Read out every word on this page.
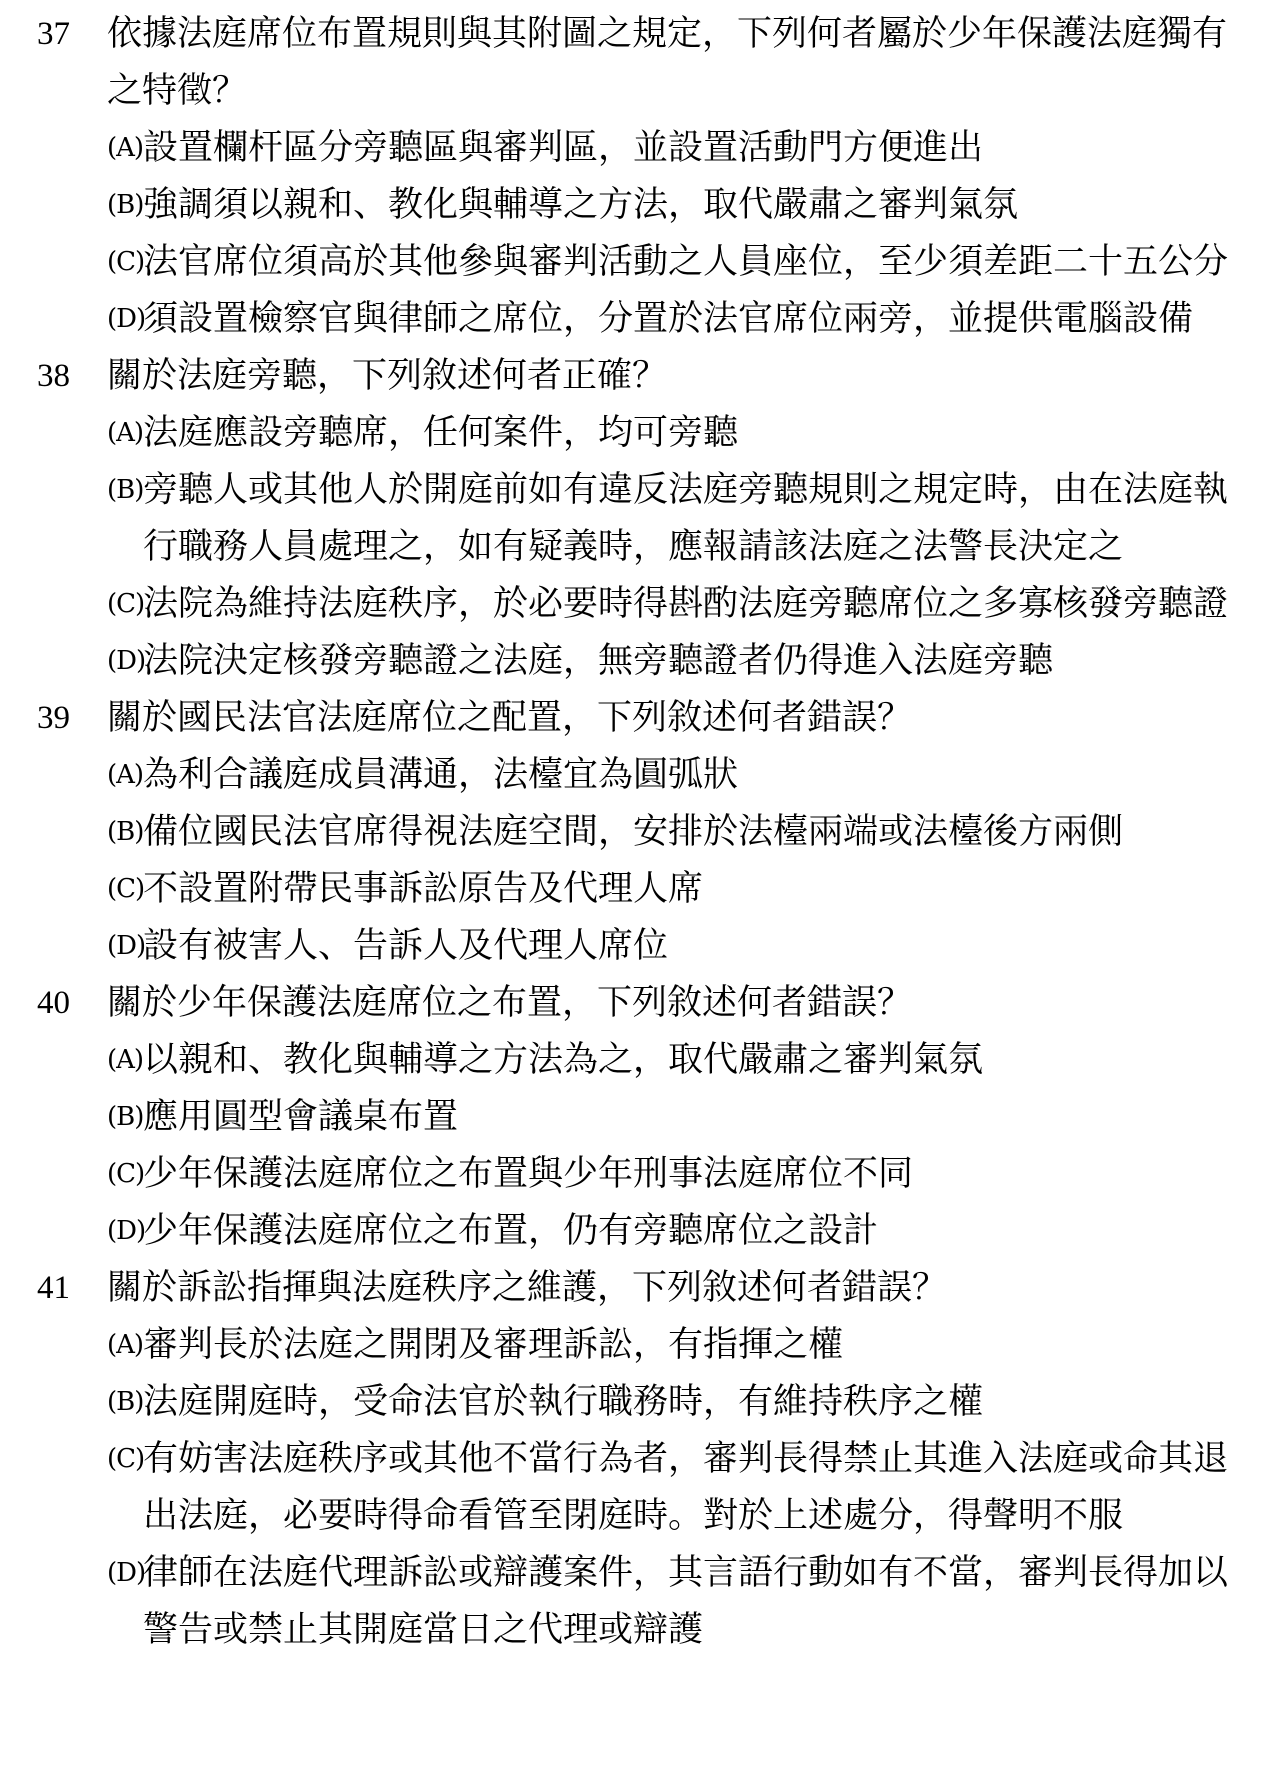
37	依據法庭席位布置規則與其附圖之規定，下列何者屬於少年保護法庭獨有
之特徵？
(A) 設置欄杆區分旁聽區與審判區，並設置活動門方便進出
(B) 強調須以親和、教化與輔導之方法，取代嚴肅之審判氣氛
(C)
法官席位須高於其他參與審判活動之人員座位，至少須差距二十五公分
(D)
須設置檢察官與律師之席位，分置於法官席位兩旁，並提供電腦設備
38	關於法庭旁聽，下列敘述何者正確？
(A) 法庭應設旁聽席，任何案件，均可旁聽
(B) 旁聽人或其他人於開庭前如有違反法庭旁聽規則之規定時，由在法庭執
行職務人員處理之，如有疑義時，應報請該法庭之法警長決定之
(C)
法院為維持法庭秩序，於必要時得斟酌法庭旁聽席位之多寡核發旁聽證
(D)
法院決定核發旁聽證之法庭，無旁聽證者仍得進入法庭旁聽
39	關於國民法官法庭席位之配置，下列敘述何者錯誤？
(A) 為利合議庭成員溝通，法檯宜為圓弧狀
(B) 備位國民法官席得視法庭空間，安排於法檯兩端或法檯後方兩側
(C)
不設置附帶民事訴訟原告及代理人席
(D)
設有被害人、告訴人及代理人席位
40	關於少年保護法庭席位之布置，下列敘述何者錯誤？
(A) 以親和、教化與輔導之方法為之，取代嚴肅之審判氣氛
(B) 應用圓型會議桌布置
(C)
少年保護法庭席位之布置與少年刑事法庭席位不同
(D)
少年保護法庭席位之布置，仍有旁聽席位之設計
41	關於訴訟指揮與法庭秩序之維護，下列敘述何者錯誤？
(A) 審判長於法庭之開閉及審理訴訟，有指揮之權
(B) 法庭開庭時，受命法官於執行職務時，有維持秩序之權
(C)
有妨害法庭秩序或其他不當行為者，審判長得禁止其進入法庭或命其退
出法庭，必要時得命看管至閉庭時。對於上述處分，得聲明不服
(D)
律師在法庭代理訴訟或辯護案件，其言語行動如有不當，審判長得加以
警告或禁止其開庭當日之代理或辯護
